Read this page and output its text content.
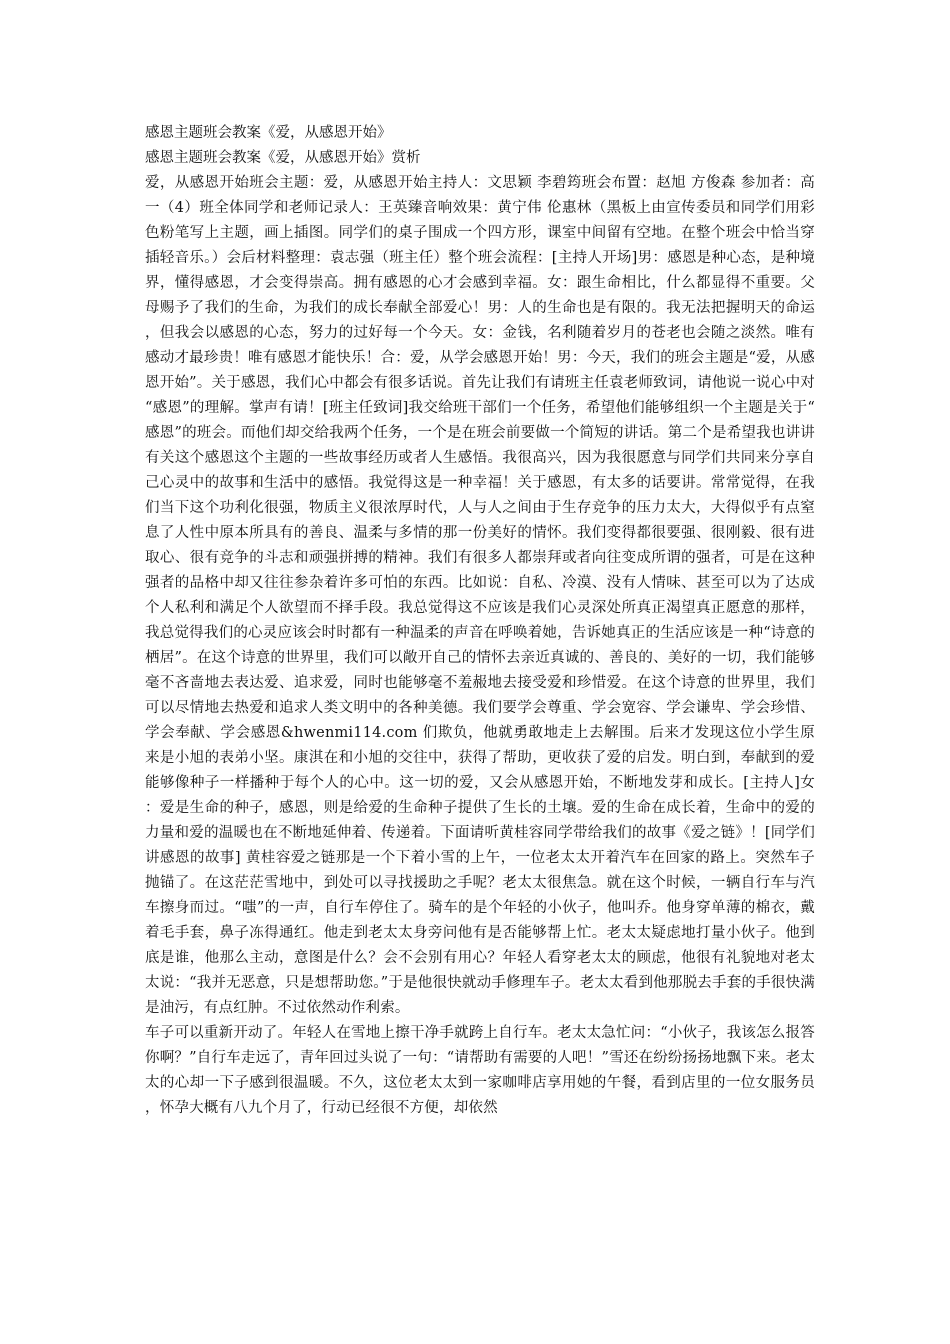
感恩主题班会教案《爱，从感恩开始》

感恩主题班会教案《爱，从感恩开始》赏析

爱，从感恩开始班会主题：爱，从感恩开始主持人：文思颖 李碧筠班会布置：赵旭 方俊森 参加者：高一（4）班全体同学和老师记录人：王英臻音响效果：黄宁伟 伦惠林（黑板上由宣传委员和同学们用彩色粉笔写上主题，画上插图。同学们的桌子围成一个四方形，课室中间留有空地。在整个班会中恰当穿插轻音乐。）会后材料整理：袁志强（班主任）整个班会流程：[主持人开场]男：感恩是种心态，是种境界，懂得感恩，才会变得崇高。拥有感恩的心才会感到幸福。女：跟生命相比，什么都显得不重要。父母赐予了我们的生命，为我们的成长奉献全部爱心！男：人的生命也是有限的。我无法把握明天的命运，但我会以感恩的心态，努力的过好每一个今天。女：金钱，名利随着岁月的苍老也会随之淡然。唯有感动才最珍贵！唯有感恩才能快乐！合：爱，从学会感恩开始！男：今天，我们的班会主题是“爱，从感恩开始”。关于感恩，我们心中都会有很多话说。首先让我们有请班主任袁老师致词，请他说一说心中对“感恩”的理解。掌声有请！[班主任致词]我交给班干部们一个任务，希望他们能够组织一个主题是关于“感恩”的班会。而他们却交给我两个任务，一个是在班会前要做一个简短的讲话。第二个是希望我也讲讲有关这个感恩这个主题的一些故事经历或者人生感悟。我很高兴，因为我很愿意与同学们共同来分享自己心灵中的故事和生活中的感悟。我觉得这是一种幸福！关于感恩，有太多的话要讲。常常觉得，在我们当下这个功利化很强，物质主义很浓厚时代，人与人之间由于生存竞争的压力太大，大得似乎有点窒息了人性中原本所具有的善良、温柔与多情的那一份美好的情怀。我们变得都很要强、很刚毅、很有进取心、很有竞争的斗志和顽强拼搏的精神。我们有很多人都崇拜或者向往变成所谓的强者，可是在这种强者的品格中却又往往参杂着许多可怕的东西。比如说：自私、冷漠、没有人情味、甚至可以为了达成个人私利和满足个人欲望而不择手段。我总觉得这不应该是我们心灵深处所真正渴望真正愿意的那样，我总觉得我们的心灵应该会时时都有一种温柔的声音在呼唤着她，告诉她真正的生活应该是一种“诗意的栖居”。在这个诗意的世界里，我们可以敞开自己的情怀去亲近真诚的、善良的、美好的一切，我们能够毫不吝啬地去表达爱、追求爱，同时也能够毫不羞赧地去接受爱和珍惜爱。在这个诗意的世界里，我们可以尽情地去热爱和追求人类文明中的各种美德。我们要学会尊重、学会宽容、学会谦卑、学会珍惜、学会奉献、学会感恩&hwenmi114.com 们欺负，他就勇敢地走上去解围。后来才发现这位小学生原来是小旭的表弟小坚。康淇在和小旭的交往中，获得了帮助，更收获了爱的启发。明白到，奉献到的爱能够像种子一样播种于每个人的心中。这一切的爱，又会从感恩开始，不断地发芽和成长。[主持人]女：爱是生命的种子，感恩，则是给爱的生命种子提供了生长的土壤。爱的生命在成长着，生命中的爱的力量和爱的温暖也在不断地延伸着、传递着。下面请听黄桂容同学带给我们的故事《爱之链》！[同学们讲感恩的故事] 黄桂容爱之链那是一个下着小雪的上午，一位老太太开着汽车在回家的路上。突然车子抛锚了。在这茫茫雪地中，到处可以寻找援助之手呢？老太太很焦急。就在这个时候，一辆自行车与汽车擦身而过。“嗤”的一声，自行车停住了。骑车的是个年轻的小伙子，他叫乔。他身穿单薄的棉衣，戴着毛手套，鼻子冻得通红。他走到老太太身旁问他有是否能够帮上忙。老太太疑虑地打量小伙子。他到底是谁，他那么主动，意图是什么？会不会别有用心？年轻人看穿老太太的顾虑，他很有礼貌地对老太太说：“我并无恶意，只是想帮助您。”于是他很快就动手修理车子。老太太看到他那脱去手套的手很快满是油污，有点红肿。不过依然动作利索。

车子可以重新开动了。年轻人在雪地上擦干净手就跨上自行车。老太太急忙问：“小伙子，我该怎么报答你啊？”自行车走远了，青年回过头说了一句：“请帮助有需要的人吧！”雪还在纷纷扬扬地飘下来。老太太的心却一下子感到很温暖。不久，这位老太太到一家咖啡店享用她的午餐，看到店里的一位女服务员，怀孕大概有八九个月了，行动已经很不方便，却依然
